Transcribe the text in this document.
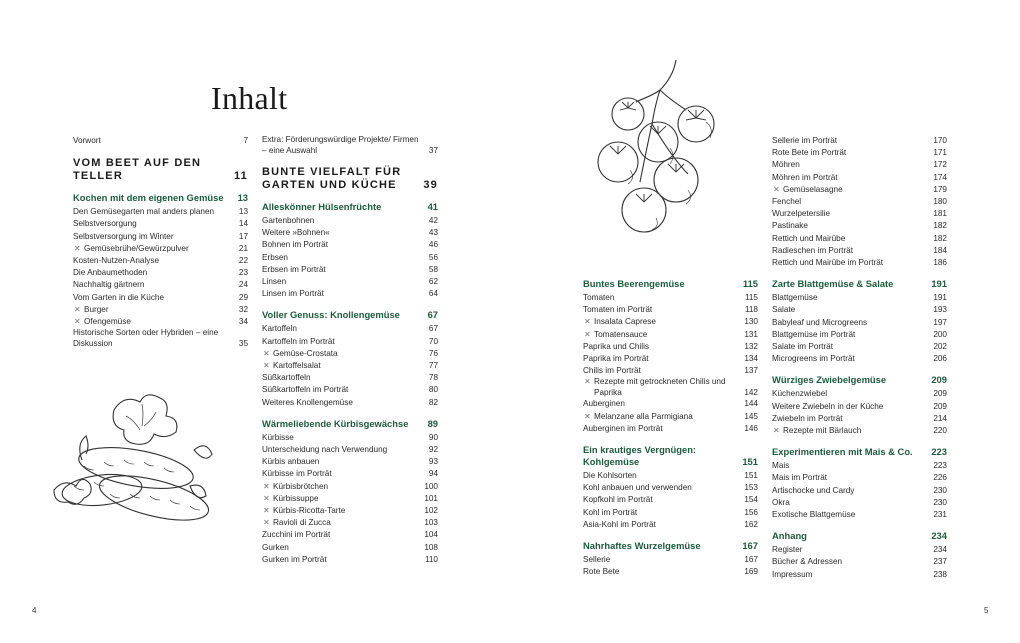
Inhalt
Vorwort	7
VOM BEET AUF DEN TELLER	11
Kochen mit dem eigenen Gemüse 13
Den Gemüsegarten mal anders planen	13
Selbstversorgung	14
Selbstversorgung im Winter	17
✕ Gemüsebrühe/Gewürzpulver	21
Kosten-Nutzen-Analyse	22
Die Anbaumethoden	23
Nachhaltig gärtnern	24
Vom Garten in die Küche	29
✕ Burger	32
✕ Ofengemüse	34
Historische Sorten oder Hybriden – eine Diskussion	35
Extra: Förderungswürdige Projekte/ Firmen – eine Auswahl	37
BUNTE VIELFALT FÜR GARTEN UND KÜCHE	39
Alleskönner Hülsenfrüchte	41
Gartenbohnen	42
Weitere »Bohnen«	43
Bohnen im Porträt	46
Erbsen	56
Erbsen im Porträt	58
Linsen	62
Linsen im Porträt	64
Voller Genuss: Knollengemüse	67
Kartoffeln	67
Kartoffeln im Porträt	70
✕ Gemüse-Crostata	76
✕ Kartoffelsalat	77
Süßkartoffeln	78
Süßkartoffeln im Porträt	80
Weiteres Knollengemüse	82
Wärmeliebende Kürbisgewächse 89
Kürbisse	90
Unterscheidung nach Verwendung	92
Kürbis anbauen	93
Kürbisse im Porträt	94
✕ Kürbisbrötchen	100
✕ Kürbissuppe	101
✕ Kürbis-Ricotta-Tarte	102
✕ Ravioli di Zucca	103
Zucchini im Porträt	104
Gurken	108
Gurken im Porträt	110
Buntes Beerengemüse	115
Tomaten	115
Tomaten im Porträt	118
✕ Insalata Caprese	130
✕ Tomatensauce	131
Paprika und Chilis	132
Paprika im Porträt	134
Chilis im Porträt	137
✕ Rezepte mit getrockneten Chilis und Paprika	142
Auberginen	144
✕ Melanzane alla Parmigiana	145
Auberginen im Porträt	146
Ein krautiges Vergnügen: Kohlgemüse	151
Die Kohlsorten	151
Kohl anbauen und verwenden	153
Kopfkohl im Porträt	154
Kohl im Porträt	156
Asia-Kohl im Porträt	162
Nahrhaftes Wurzelgemüse	167
Sellerie	167
Rote Bete	169
Sellerie im Porträt	170
Rote Bete im Porträt	171
Möhren	172
Möhren im Porträt	174
✕ Gemüselasagne	179
Fenchel	180
Wurzelpetersilie	181
Pastinake	182
Rettich und Mairübe	182
Radieschen im Porträt	184
Rettich und Mairübe im Porträt	186
Zarte Blattgemüse & Salate	191
Blattgemüse	191
Salate	193
Babyleaf und Microgreens	197
Blattgemüse im Porträt	200
Salate im Porträt	202
Microgreens im Porträt	206
Würziges Zwiebelgemüse	209
Küchenzwiebel	209
Weitere Zwiebeln in der Küche	209
Zwiebeln im Porträt	214
✕ Rezepte mit Bärlauch	220
Experimentieren mit Mais & Co. 223
Mais	223
Mais im Porträt	226
Artischocke und Cardy	230
Okra	230
Exotische Blattgemüse	231
Anhang	234
Register	234
Bücher & Adressen	237
Impressum	238
4	5
